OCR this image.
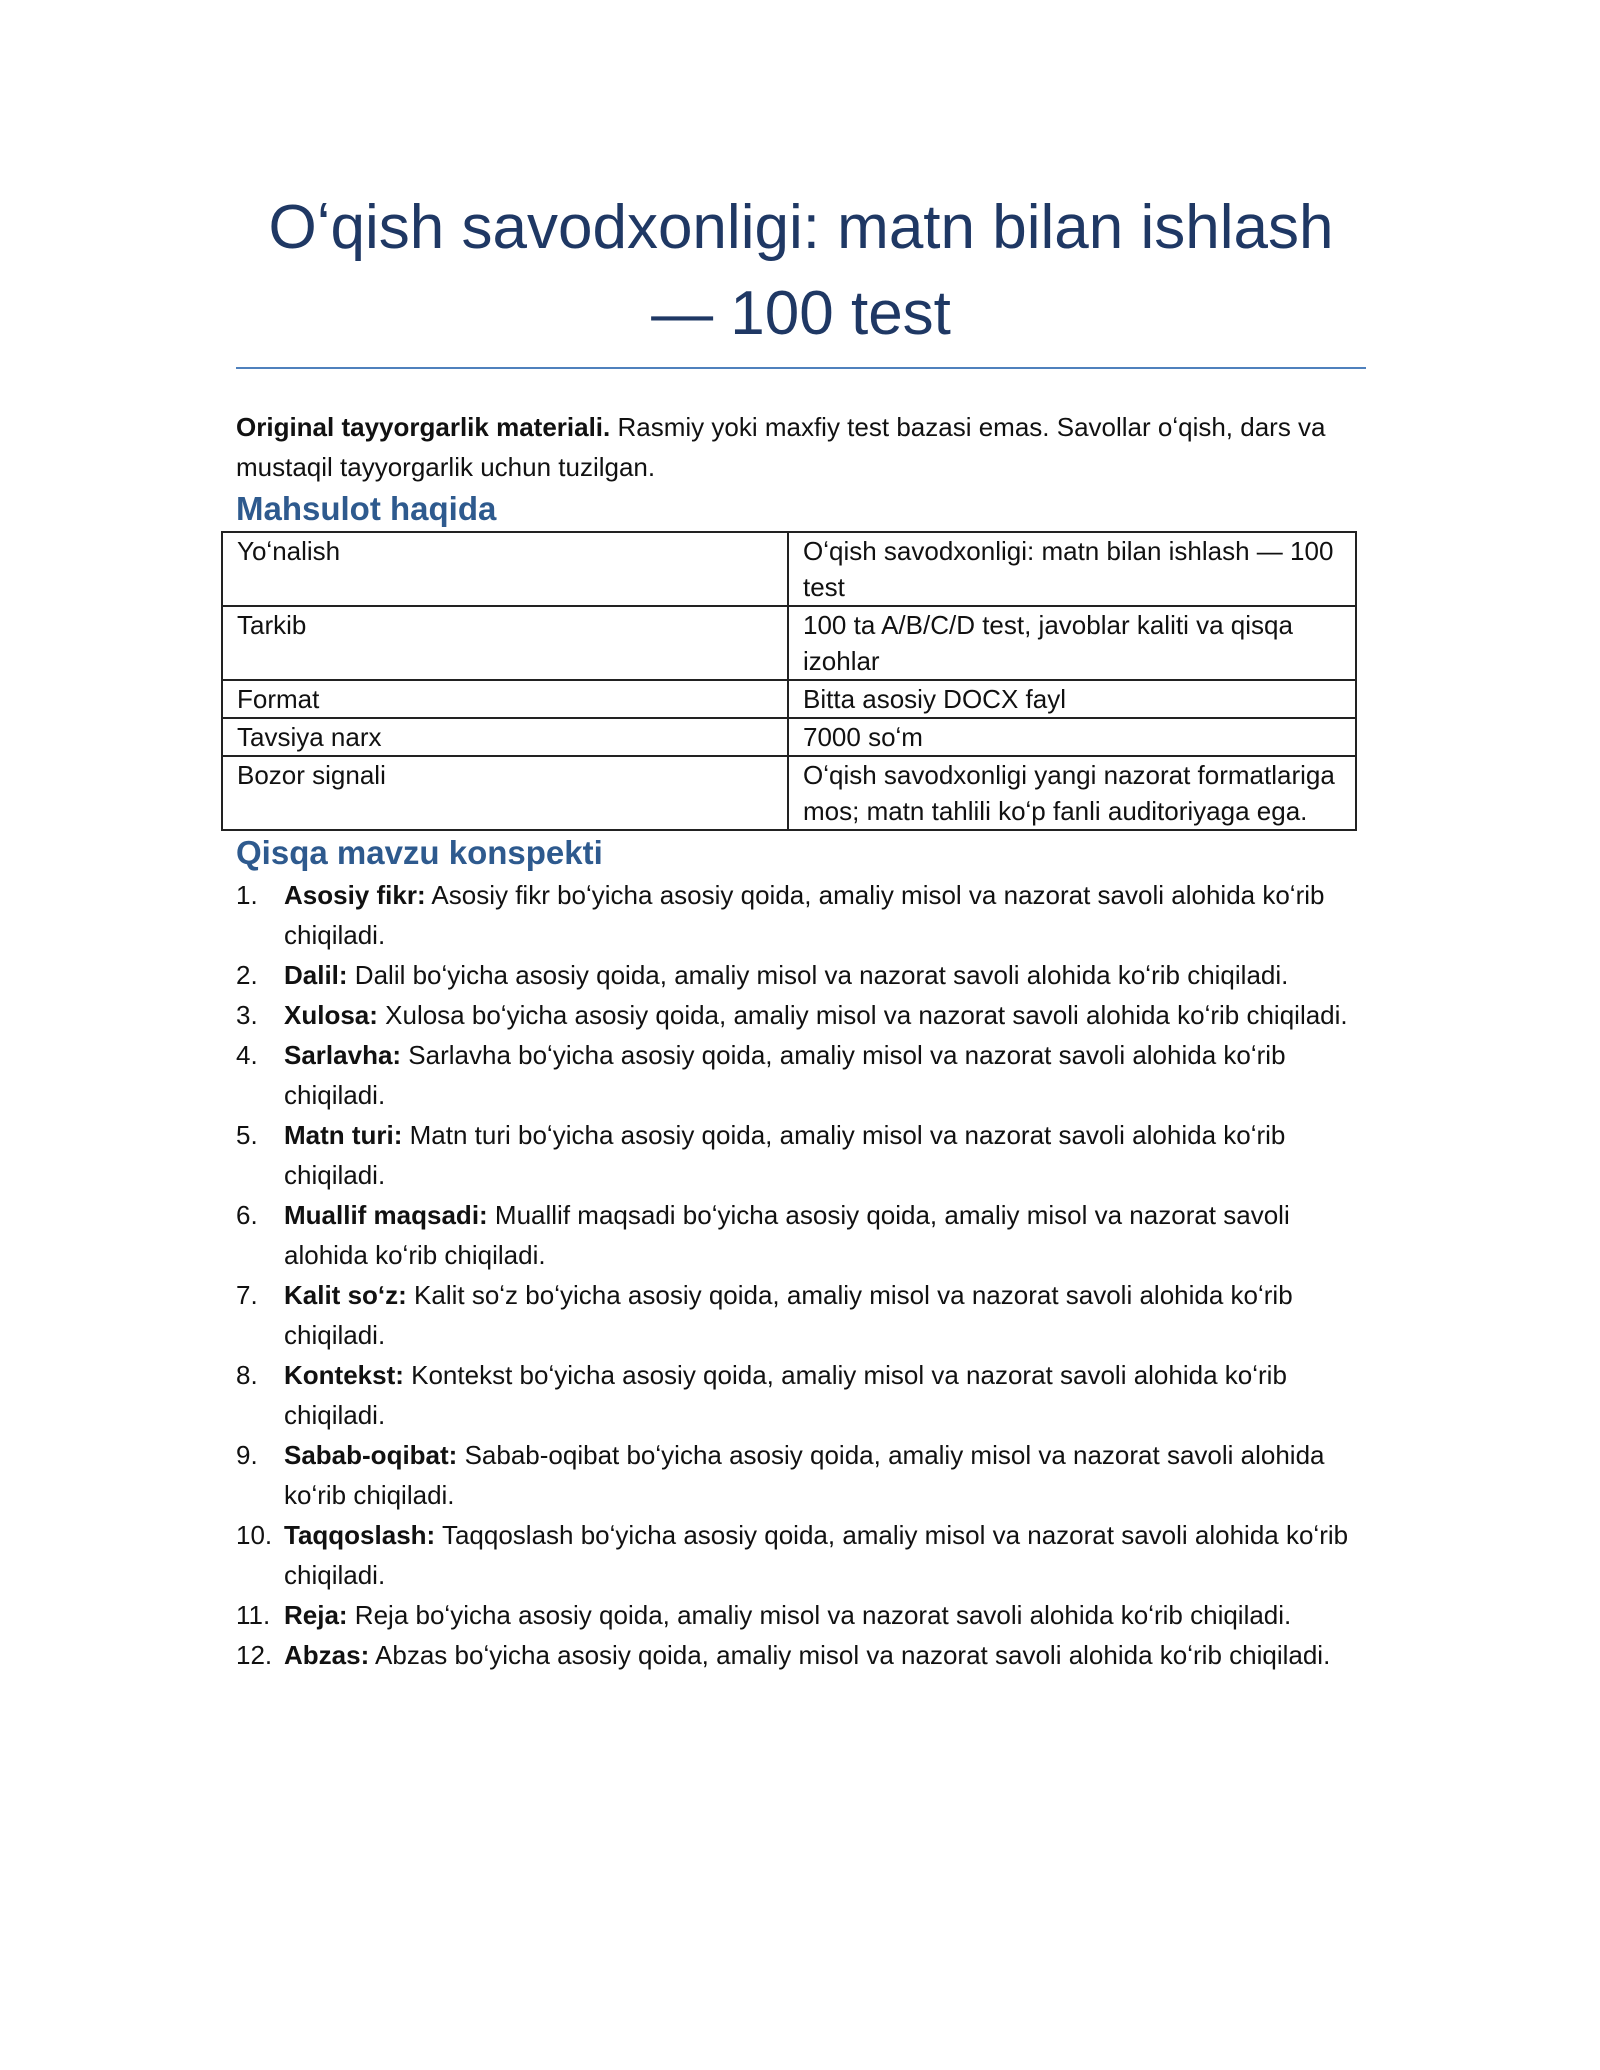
Oʻqish savodxonligi: matn bilan ishlash
— 100 test

Original tayyorgarlik materiali. Rasmiy yoki maxfiy test bazasi emas. Savollar oʻqish, dars va mustaqil tayyorgarlik uchun tuzilgan.

Mahsulot haqida
Yoʻnalish	Oʻqish savodxonligi: matn bilan ishlash — 100 test
Tarkib	100 ta A/B/C/D test, javoblar kaliti va qisqa izohlar
Format	Bitta asosiy DOCX fayl
Tavsiya narx	7000 soʻm
Bozor signali	Oʻqish savodxonligi yangi nazorat formatlariga mos; matn tahlili koʻp fanli auditoriyaga ega.
Qisqa mavzu konspekti
1. Asosiy fikr: Asosiy fikr boʻyicha asosiy qoida, amaliy misol va nazorat savoli alohida koʻrib chiqiladi.
2. Dalil: Dalil boʻyicha asosiy qoida, amaliy misol va nazorat savoli alohida koʻrib chiqiladi.
3. Xulosa: Xulosa boʻyicha asosiy qoida, amaliy misol va nazorat savoli alohida koʻrib chiqiladi.
4. Sarlavha: Sarlavha boʻyicha asosiy qoida, amaliy misol va nazorat savoli alohida koʻrib chiqiladi.
5. Matn turi: Matn turi boʻyicha asosiy qoida, amaliy misol va nazorat savoli alohida koʻrib chiqiladi.
6. Muallif maqsadi: Muallif maqsadi boʻyicha asosiy qoida, amaliy misol va nazorat savoli alohida koʻrib chiqiladi.
7. Kalit soʻz: Kalit soʻz boʻyicha asosiy qoida, amaliy misol va nazorat savoli alohida koʻrib chiqiladi.
8. Kontekst: Kontekst boʻyicha asosiy qoida, amaliy misol va nazorat savoli alohida koʻrib chiqiladi.
9. Sabab-oqibat: Sabab-oqibat boʻyicha asosiy qoida, amaliy misol va nazorat savoli alohida koʻrib chiqiladi.
10. Taqqoslash: Taqqoslash boʻyicha asosiy qoida, amaliy misol va nazorat savoli alohida koʻrib chiqiladi.
11. Reja: Reja boʻyicha asosiy qoida, amaliy misol va nazorat savoli alohida koʻrib chiqiladi.
12. Abzas: Abzas boʻyicha asosiy qoida, amaliy misol va nazorat savoli alohida koʻrib chiqiladi.
